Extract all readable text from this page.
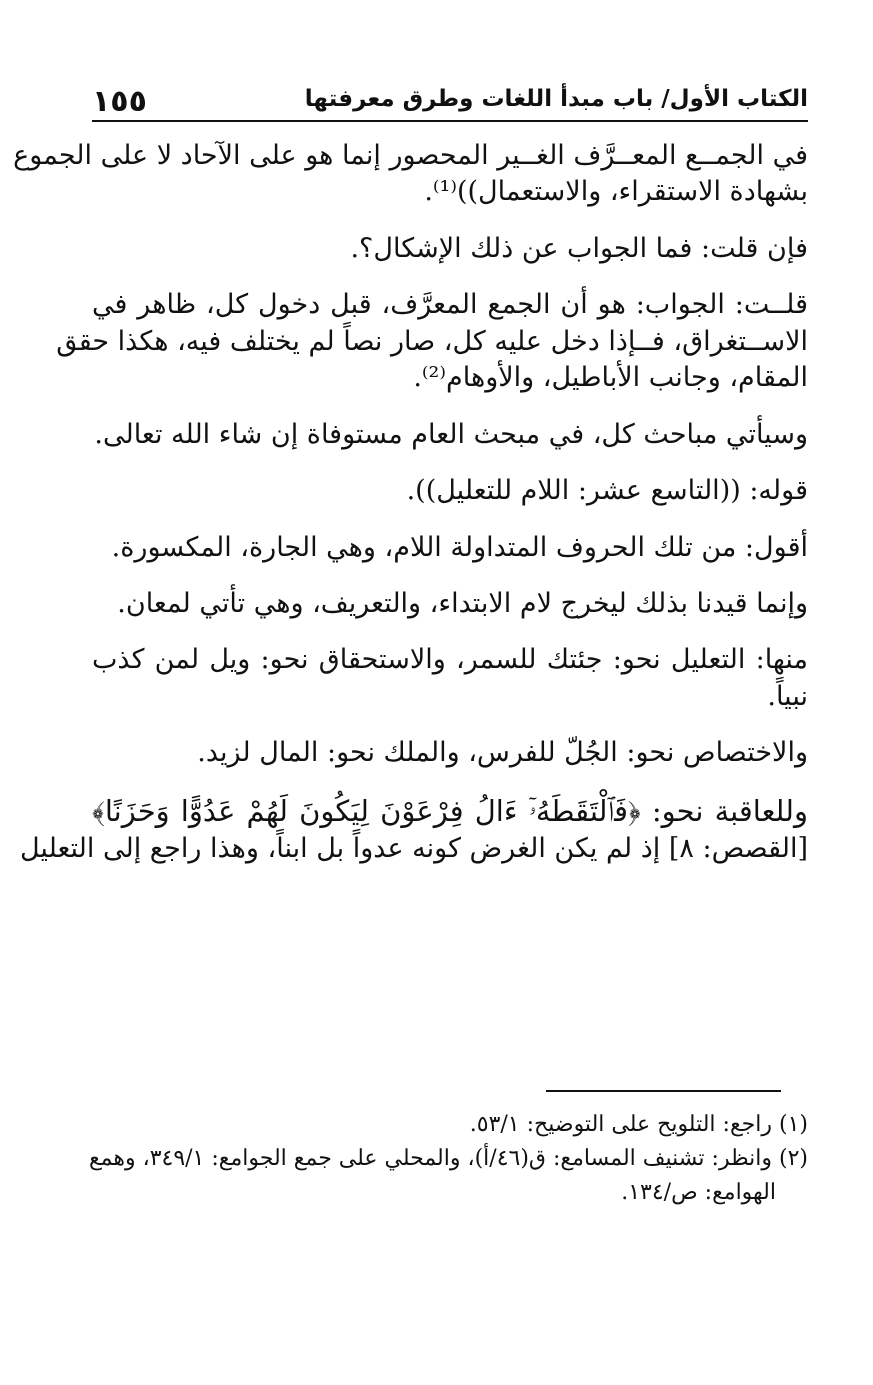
١٥٥	الكتاب الأول/ باب مبدأ اللغات وطرق معرفتها
في الجمــع المعــرَّف الغــير المحصور إنما هو على الآحاد لا على الجموع
بشهادة الاستقراء، والاستعمال))⁽¹⁾.
فإن قلت: فما الجواب عن ذلك الإشكال؟.
قلــت: الجواب: هو أن الجمع المعرَّف، قبل دخول كل، ظاهر في
الاســتغراق، فــإذا دخل عليه كل، صار نصاً لم يختلف فيه، هكذا حقق
المقام، وجانب الأباطيل، والأوهام⁽²⁾.
وسيأتي مباحث كل، في مبحث العام مستوفاة إن شاء الله تعالى.
قوله: ((التاسع عشر: اللام للتعليل)).
أقول: من تلك الحروف المتداولة اللام، وهي الجارة، المكسورة.
وإنما قيدنا بذلك ليخرج لام الابتداء، والتعريف، وهي تأتي لمعان.
منها: التعليل نحو: جئتك للسمر، والاستحقاق نحو: ويل لمن كذب
نبياً.
والاختصاص نحو: الجُلّ للفرس، والملك نحو: المال لزيد.
وللعاقبة نحو: ﴿فَٱلْتَقَطَهُۥٓ ءَالُ فِرْعَوْنَ لِيَكُونَ لَهُمْ عَدُوًّا وَحَزَنًا﴾
[القصص: ٨] إذ لم يكن الغرض كونه عدواً بل ابناً، وهذا راجع إلى التعليل
(١) راجع: التلويح على التوضيح: ٥٣/١.
(٢) وانظر: تشنيف المسامع: ق(٤٦/أ)، والمحلي على جمع الجوامع: ٣٤٩/١، وهمع
الهوامع: ص/١٣٤.
